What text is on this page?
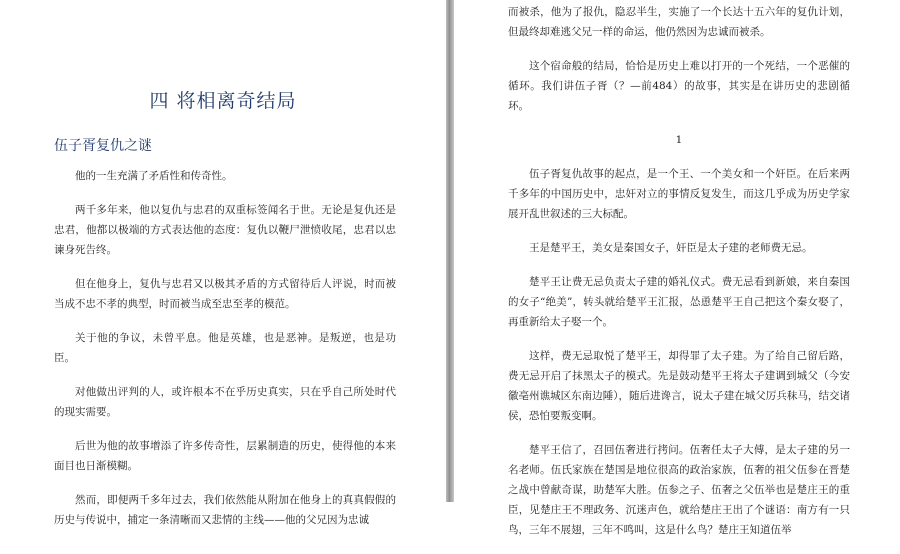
四 将相离奇结局
伍子胥复仇之谜

他的一生充满了矛盾性和传奇性。

两千多年来，他以复仇与忠君的双重标签闻名于世。无论是复仇还是忠君，他都以极端的方式表达他的态度：复仇以鞭尸泄愤收尾，忠君以忠谏身死告终。

但在他身上，复仇与忠君又以极其矛盾的方式留待后人评说，时而被当成不忠不孝的典型，时而被当成至忠至孝的模范。

关于他的争议，未曾平息。他是英雄，也是恶神。是叛逆，也是功臣。

对他做出评判的人，或许根本不在乎历史真实，只在乎自己所处时代的现实需要。

后世为他的故事增添了许多传奇性，层累制造的历史，使得他的本来面目也日渐模糊。

然而，即便两千多年过去，我们依然能从附加在他身上的真真假假的历史与传说中，捕定一条清晰而又悲情的主线——他的父兄因为忠诚

而被杀，他为了报仇，隐忍半生，实施了一个长达十五六年的复仇计划，但最终却难逃父兄一样的命运，他仍然因为忠诚而被杀。

这个宿命般的结局，恰恰是历史上难以打开的一个死结，一个恶催的循环。我们讲伍子胥（？—前484）的故事，其实是在讲历史的悲剧循环。

1

伍子胥复仇故事的起点，是一个王、一个美女和一个奸臣。在后来两千多年的中国历史中，忠奸对立的事情反复发生，而这几乎成为历史学家展开乱世叙述的三大标配。

王是楚平王，美女是秦国女子，奸臣是太子建的老师费无忌。

楚平王让费无忌负责太子建的婚礼仪式。费无忌看到新娘，来自秦国的女子“绝美”，转头就给楚平王汇报，怂恿楚平王自己把这个秦女娶了，再重新给太子娶一个。

这样，费无忌取悦了楚平王，却得罪了太子建。为了给自己留后路，费无忌开启了抹黑太子的模式。先是鼓动楚平王将太子建调到城父（今安徽亳州谯城区东南边陲），随后进谗言，说太子建在城父厉兵秣马，结交诸侯，恐怕要叛变啊。

楚平王信了，召回伍奢进行拷问。伍奢任太子大傅，是太子建的另一名老师。伍氏家族在楚国是地位很高的政治家族，伍奢的祖父伍参在晋楚之战中曾献奇谋，助楚军大胜。伍参之子、伍奢之父伍举也是楚庄王的重臣，见楚庄王不理政务、沉迷声色，就给楚庄王出了个谜语：南方有一只鸟，三年不展翅，三年不鸣叫，这是什么鸟？楚庄王知道伍举
